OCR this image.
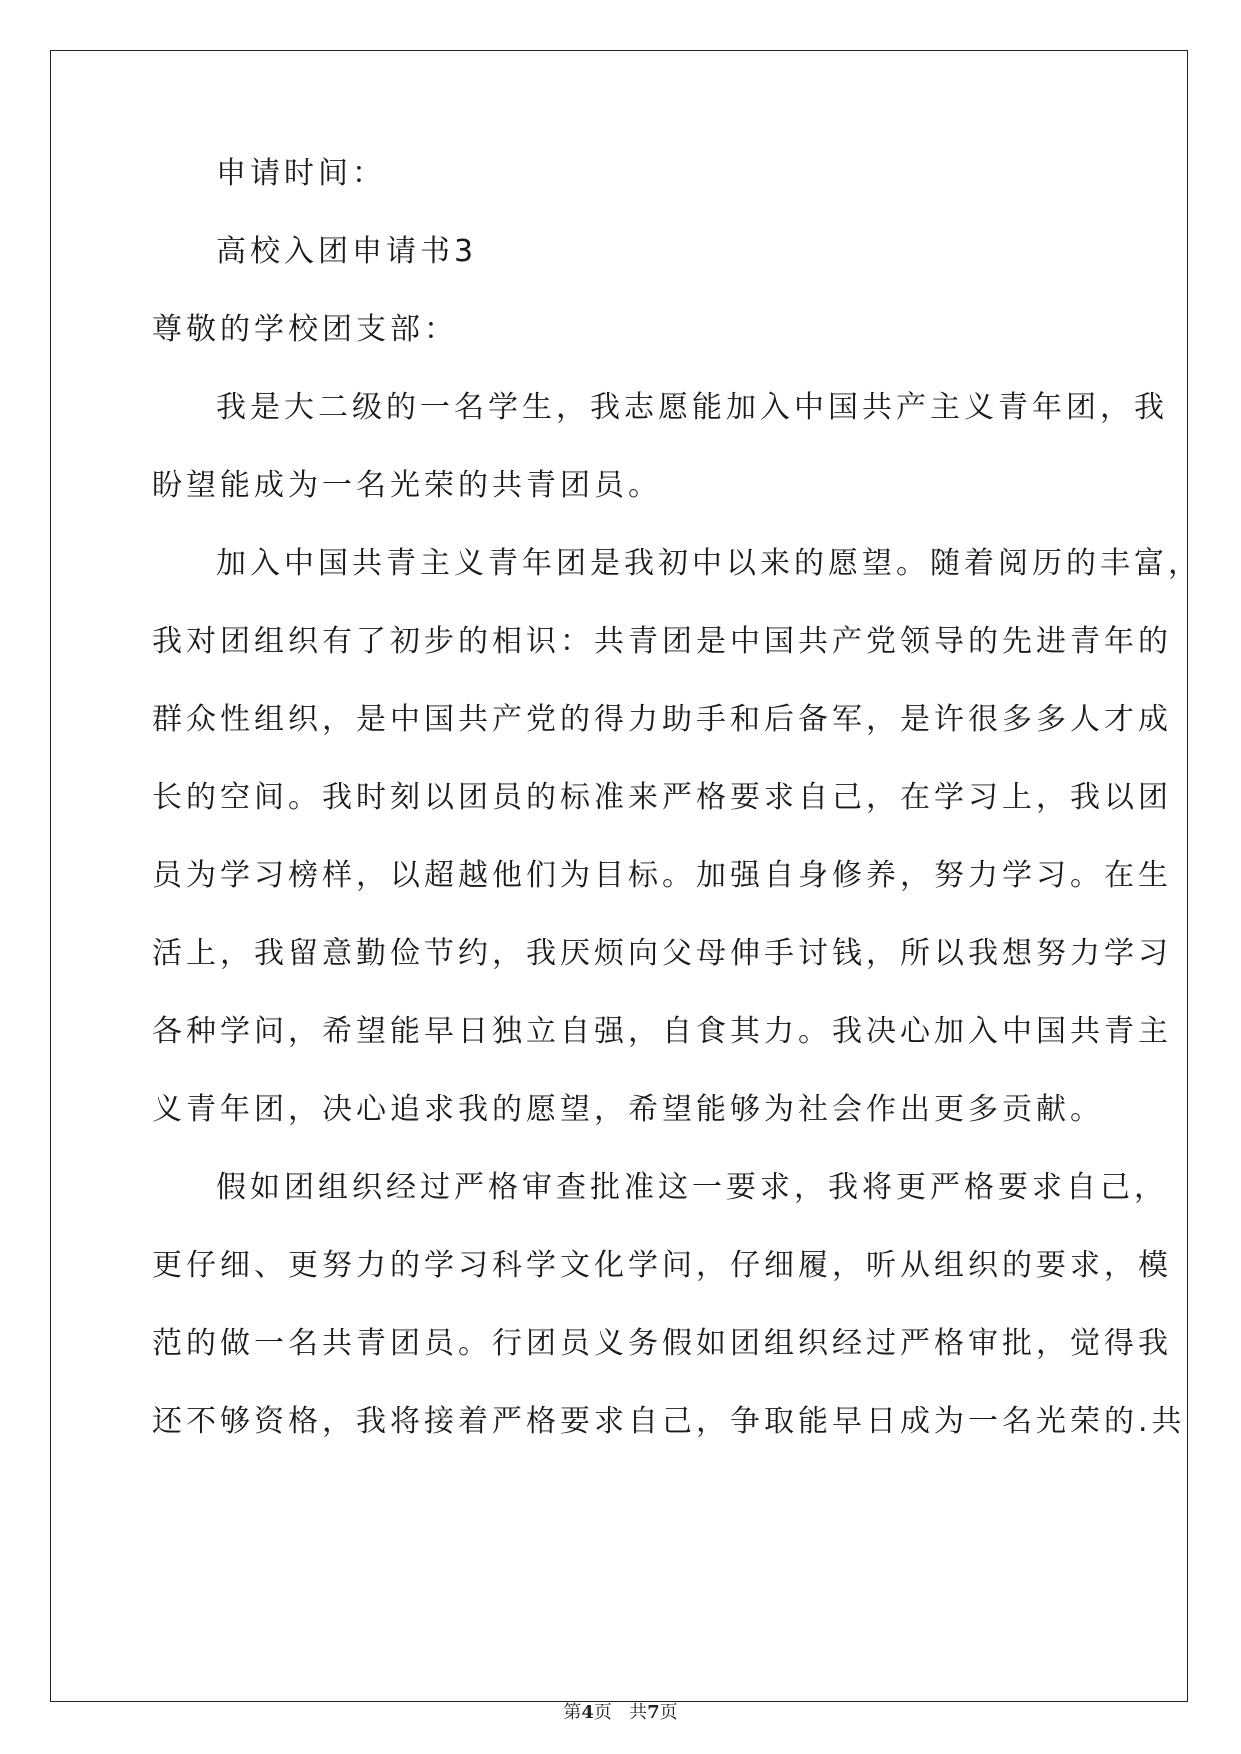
申请时间：
高校入团申请书3
尊敬的学校团支部：
我是大二级的一名学生，我志愿能加入中国共产主义青年团，我
盼望能成为一名光荣的共青团员。
加入中国共青主义青年团是我初中以来的愿望。随着阅历的丰富，
我对团组织有了初步的相识：共青团是中国共产党领导的先进青年的
群众性组织，是中国共产党的得力助手和后备军，是许很多多人才成
长的空间。我时刻以团员的标准来严格要求自己，在学习上，我以团
员为学习榜样，以超越他们为目标。加强自身修养，努力学习。在生
活上，我留意勤俭节约，我厌烦向父母伸手讨钱，所以我想努力学习
各种学问，希望能早日独立自强，自食其力。我决心加入中国共青主
义青年团，决心追求我的愿望，希望能够为社会作出更多贡献。
假如团组织经过严格审查批准这一要求，我将更严格要求自己，
更仔细、更努力的学习科学文化学问，仔细履，听从组织的要求，模
范的做一名共青团员。行团员义务假如团组织经过严格审批，觉得我
还不够资格，我将接着严格要求自己，争取能早日成为一名光荣的.共
第4页 共7页
